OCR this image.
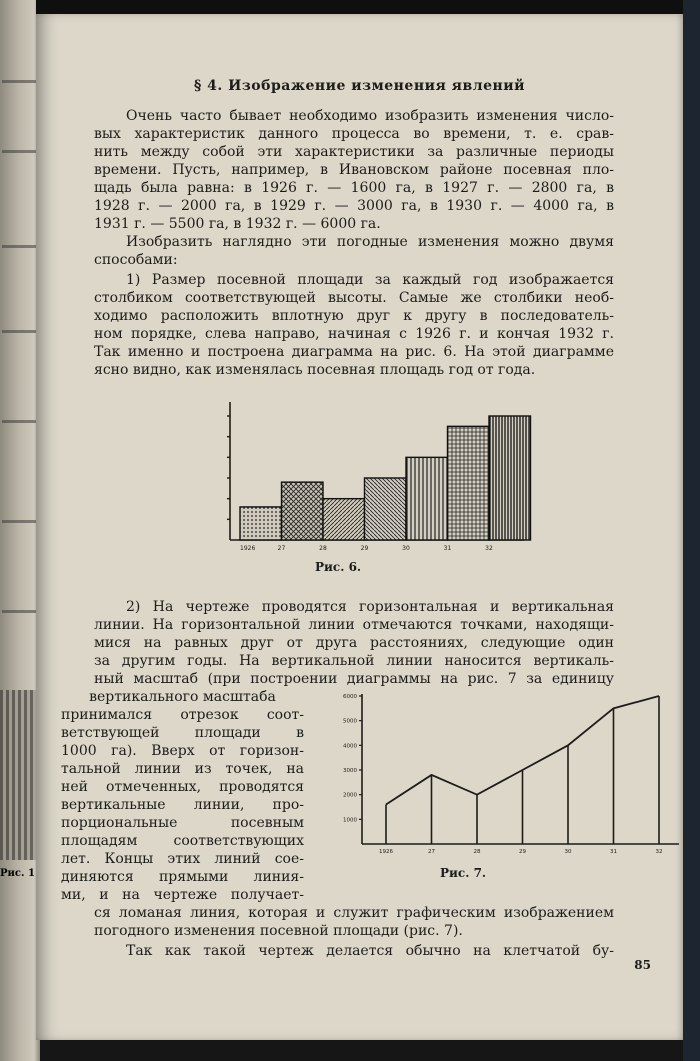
Рис. 1
§ 4. Изображение изменения явлений
Очень часто бывает необходимо изобразить изменения число-
вых характеристик данного процесса во времени, т. е. срав-
нить между собой эти характеристики за различные периоды
времени. Пусть, например, в Ивановском районе посевная пло-
щадь была равна: в 1926 г. — 1600 га, в 1927 г. — 2800 га, в
1928 г. — 2000 га, в 1929 г. — 3000 га, в 1930 г. — 4000 га, в
1931 г. — 5500 га, в 1932 г. — 6000 га.
Изобразить наглядно эти погодные изменения можно двумя
способами:
1) Размер посевной площади за каждый год изображается
столбиком соответствующей высоты. Самые же столбики необ-
ходимо расположить вплотную друг к другу в последователь-
ном порядке, слева направо, начиная с 1926 г. и кончая 1932 г.
Так именно и построена диаграмма на рис. 6. На этой диаграмме
ясно видно, как изменялась посевная площадь год от года.
1926	27	28	29	30	31	32
Рис. 6.
2) На чертеже проводятся горизонтальная и вертикальная
линии. На горизонтальной линии отмечаются точками, находящи-
мися на равных друг от друга расстояниях, следующие один
за другим годы. На вертикальной линии наносится вертикаль-
ный масштаб (при построении диаграммы на рис. 7 за единицу
вертикального масштаба
принимался отрезок соот-
ветствующей площади в
1000 га). Вверх от горизон-
тальной линии из точек, на
ней отмеченных, проводятся
вертикальные линии, про-
порциональные посевным
площадям соответствующих
лет. Концы этих линий сое-
диняются прямыми линия-
ми, и на чертеже получает-
ся ломаная линия, которая и служит графическим изображением
погодного изменения посевной площади (рис. 7).
1000
2000
3000
4000
5000
6000
1926	27	28	29	30	31	32
Рис. 7.
Так как такой чертеж делается обычно на клетчатой бу-
85
